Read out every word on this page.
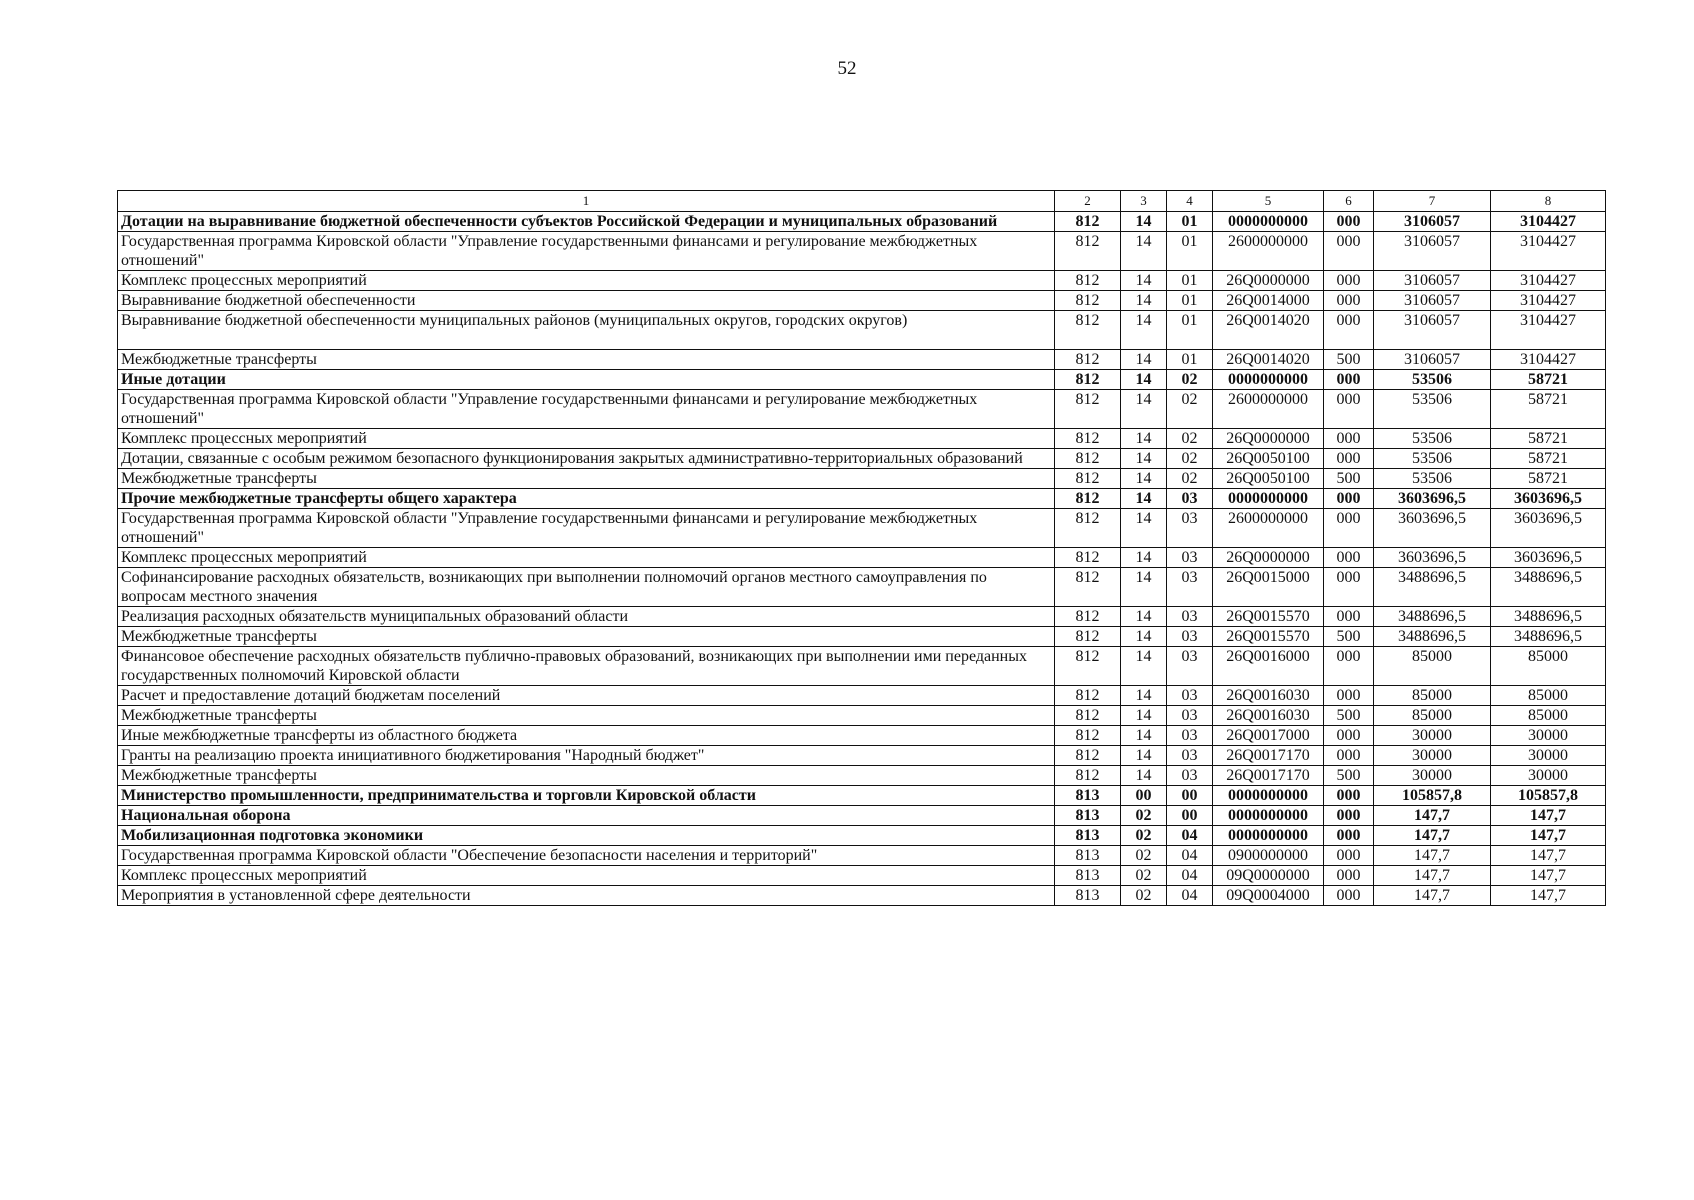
52
1	2	3	4	5	6	7	8
Дотации на выравнивание бюджетной обеспеченности субъектов Российской Федерации и муниципальных образований	812	14	01	0000000000	000	3106057	3104427
Государственная программа Кировской области "Управление государственными финансами и регулирование межбюджетных отношений"	812	14	01	2600000000	000	3106057	3104427
Комплекс процессных мероприятий	812	14	01	26Q0000000	000	3106057	3104427
Выравнивание бюджетной обеспеченности	812	14	01	26Q0014000	000	3106057	3104427
Выравнивание бюджетной обеспеченности муниципальных районов (муниципальных округов, городских округов)	812	14	01	26Q0014020	000	3106057	3104427
Межбюджетные трансферты	812	14	01	26Q0014020	500	3106057	3104427
Иные дотации	812	14	02	0000000000	000	53506	58721
Государственная программа Кировской области "Управление государственными финансами и регулирование межбюджетных отношений"	812	14	02	2600000000	000	53506	58721
Комплекс процессных мероприятий	812	14	02	26Q0000000	000	53506	58721
Дотации, связанные с особым режимом безопасного функционирования закрытых административно-территориальных образований	812	14	02	26Q0050100	000	53506	58721
Межбюджетные трансферты	812	14	02	26Q0050100	500	53506	58721
Прочие межбюджетные трансферты общего характера	812	14	03	0000000000	000	3603696,5	3603696,5
Государственная программа Кировской области "Управление государственными финансами и регулирование межбюджетных отношений"	812	14	03	2600000000	000	3603696,5	3603696,5
Комплекс процессных мероприятий	812	14	03	26Q0000000	000	3603696,5	3603696,5
Софинансирование расходных обязательств, возникающих при выполнении полномочий органов местного самоуправления по вопросам местного значения	812	14	03	26Q0015000	000	3488696,5	3488696,5
Реализация расходных обязательств муниципальных образований области	812	14	03	26Q0015570	000	3488696,5	3488696,5
Межбюджетные трансферты	812	14	03	26Q0015570	500	3488696,5	3488696,5
Финансовое обеспечение расходных обязательств публично-правовых образований, возникающих при выполнении ими переданных государственных полномочий Кировской области	812	14	03	26Q0016000	000	85000	85000
Расчет и предоставление дотаций бюджетам поселений	812	14	03	26Q0016030	000	85000	85000
Межбюджетные трансферты	812	14	03	26Q0016030	500	85000	85000
Иные межбюджетные трансферты из областного бюджета	812	14	03	26Q0017000	000	30000	30000
Гранты на реализацию проекта инициативного бюджетирования "Народный бюджет"	812	14	03	26Q0017170	000	30000	30000
Межбюджетные трансферты	812	14	03	26Q0017170	500	30000	30000
Министерство промышленности, предпринимательства и торговли Кировской области	813	00	00	0000000000	000	105857,8	105857,8
Национальная оборона	813	02	00	0000000000	000	147,7	147,7
Мобилизационная подготовка экономики	813	02	04	0000000000	000	147,7	147,7
Государственная программа Кировской области "Обеспечение безопасности населения и территорий"	813	02	04	0900000000	000	147,7	147,7
Комплекс процессных мероприятий	813	02	04	09Q0000000	000	147,7	147,7
Мероприятия в установленной сфере деятельности	813	02	04	09Q0004000	000	147,7	147,7
